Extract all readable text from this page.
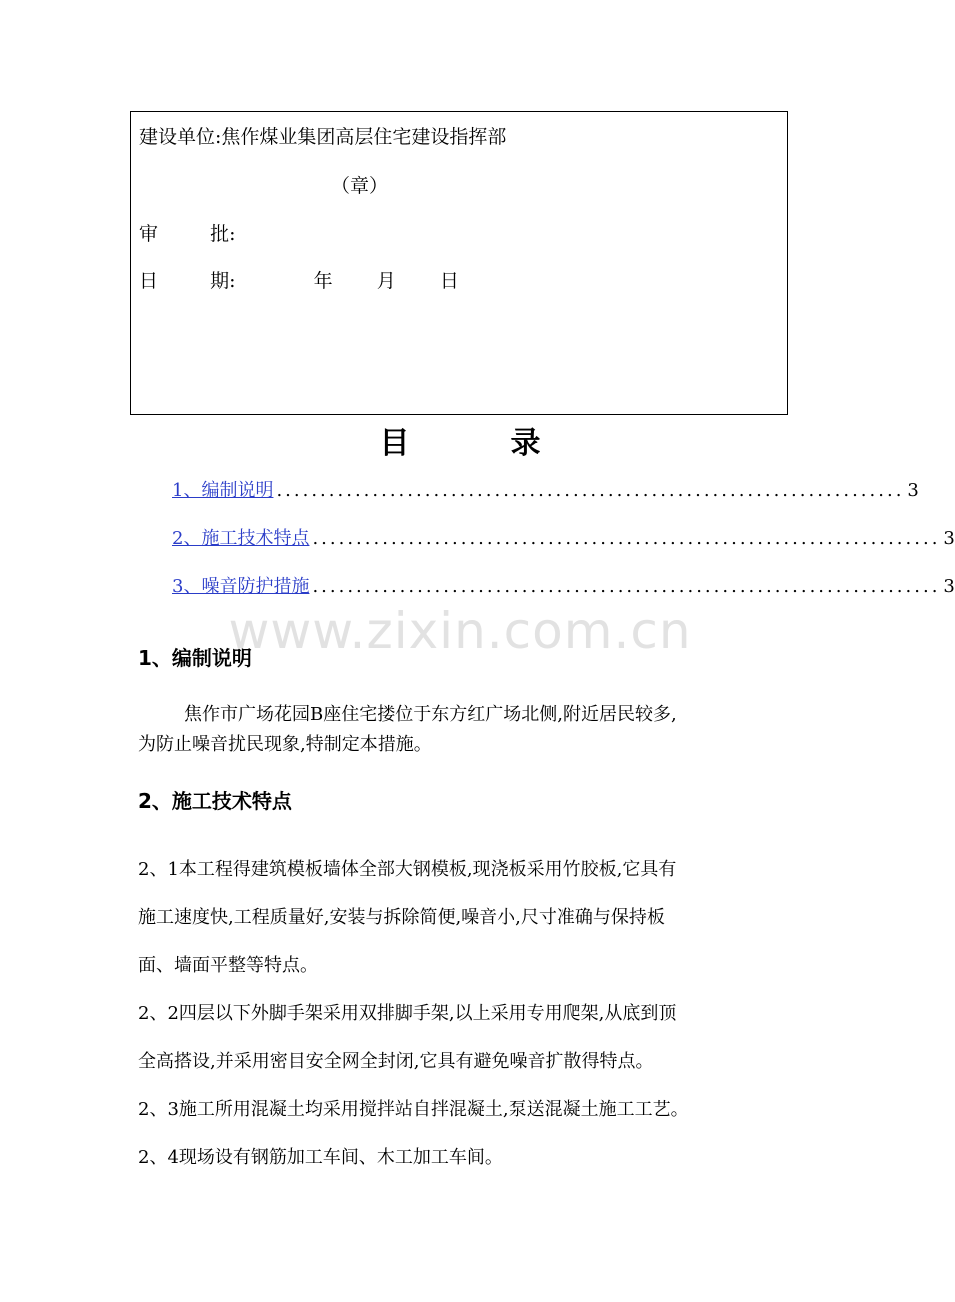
建设单位:焦作煤业集团高层住宅建设指挥部
（章）
审	批:
日	期:	年 月 日
目	录
1、编制说明 ........................................................................ 3
2、施工技术特点 ........................................................................ 3
3、噪音防护措施 ........................................................................ 3
www.zixin.com.cn
1、编制说明
焦作市广场花园B座住宅搂位于东方红广场北侧,附近居民较多,
为防止噪音扰民现象,特制定本措施。
2、施工技术特点
2、1本工程得建筑模板墙体全部大钢模板,现浇板采用竹胶板,它具有
施工速度快,工程质量好,安装与拆除简便,噪音小,尺寸准确与保持板
面、墙面平整等特点。
2、2四层以下外脚手架采用双排脚手架,以上采用专用爬架,从底到顶
全高搭设,并采用密目安全网全封闭,它具有避免噪音扩散得特点。
2、3施工所用混凝土均采用搅拌站自拌混凝土,泵送混凝土施工工艺。
2、4现场设有钢筋加工车间、木工加工车间。
